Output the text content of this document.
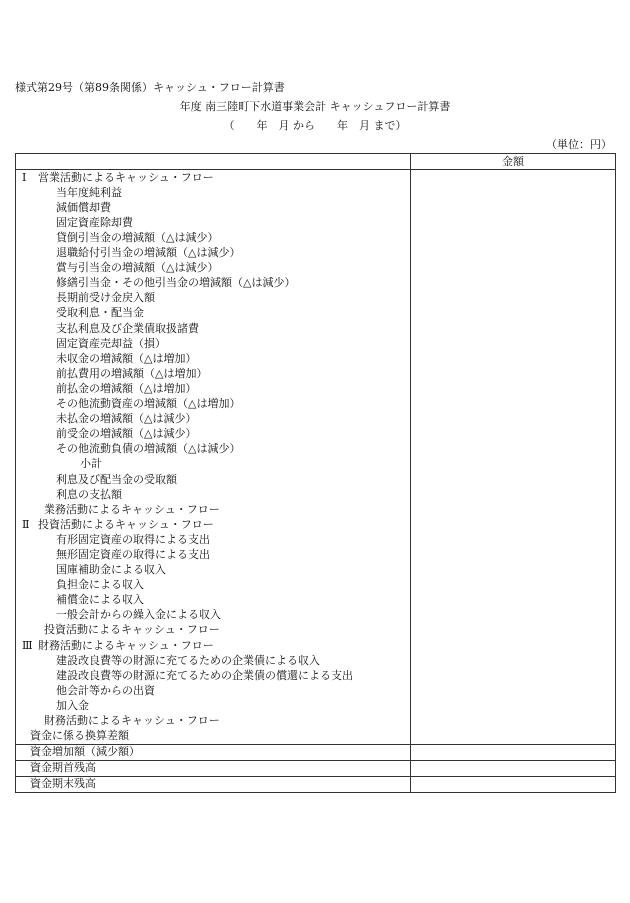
様式第29号（第89条関係）キャッシュ・フロー計算書
年度 南三陸町下水道事業会計 キャッシュフロー計算書
（　　年　月 から　　年　月 まで）
（単位：円）
	金額
Ⅰ 営業活動によるキャッシュ・フロー	
当年度純利益	
減価償却費	
固定資産除却費	
貸倒引当金の増減額（△は減少）	
退職給付引当金の増減額（△は減少）	
賞与引当金の増減額（△は減少）	
修繕引当金・その他引当金の増減額（△は減少）	
長期前受け金戻入額	
受取利息・配当金	
支払利息及び企業債取扱諸費	
固定資産売却益（損）	
未収金の増減額（△は増加）	
前払費用の増減額（△は増加）	
前払金の増減額（△は増加）	
その他流動資産の増減額（△は増加）	
未払金の増減額（△は減少）	
前受金の増減額（△は減少）	
その他流動負債の増減額（△は減少）	
小計	
利息及び配当金の受取額	
利息の支払額	
業務活動によるキャッシュ・フロー	
Ⅱ 投資活動によるキャッシュ・フロー	
有形固定資産の取得による支出	
無形固定資産の取得による支出	
国庫補助金による収入	
負担金による収入	
補償金による収入	
一般会計からの繰入金による収入	
投資活動によるキャッシュ・フロー	
Ⅲ 財務活動によるキャッシュ・フロー	
建設改良費等の財源に充てるための企業債による収入	
建設改良費等の財源に充てるための企業債の償還による支出	
他会計等からの出資	
加入金	
財務活動によるキャッシュ・フロー	
資金に係る換算差額	
資金増加額（減少額）	
資金期首残高	
資金期末残高	
